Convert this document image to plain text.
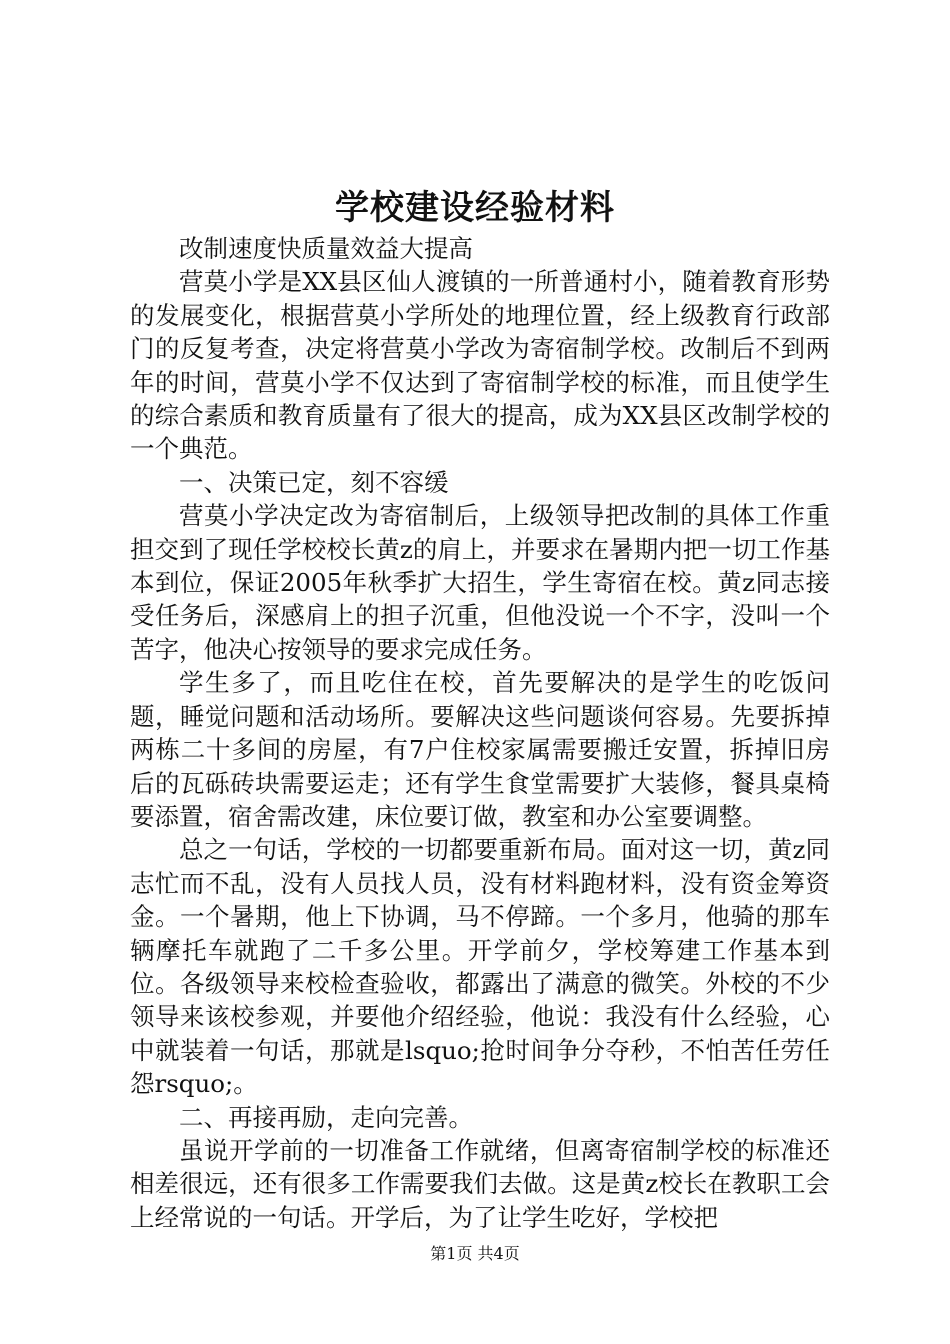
学校建设经验材料

改制速度快质量效益大提高

营莫小学是XX县区仙人渡镇的一所普通村小，随着教育形势的发展变化，根据营莫小学所处的地理位置，经上级教育行政部门的反复考查，决定将营莫小学改为寄宿制学校。改制后不到两年的时间，营莫小学不仅达到了寄宿制学校的标准，而且使学生的综合素质和教育质量有了很大的提高，成为XX县区改制学校的一个典范。

一、决策已定，刻不容缓

营莫小学决定改为寄宿制后，上级领导把改制的具体工作重担交到了现任学校校长黄z的肩上，并要求在暑期内把一切工作基本到位，保证2005年秋季扩大招生，学生寄宿在校。黄z同志接受任务后，深感肩上的担子沉重，但他没说一个不字，没叫一个苦字，他决心按领导的要求完成任务。

学生多了，而且吃住在校，首先要解决的是学生的吃饭问题，睡觉问题和活动场所。要解决这些问题谈何容易。先要拆掉两栋二十多间的房屋，有7户住校家属需要搬迁安置，拆掉旧房后的瓦砾砖块需要运走；还有学生食堂需要扩大装修，餐具桌椅要添置，宿舍需改建，床位要订做，教室和办公室要调整。

总之一句话，学校的一切都要重新布局。面对这一切，黄z同志忙而不乱，没有人员找人员，没有材料跑材料，没有资金筹资金。一个暑期，他上下协调，马不停蹄。一个多月，他骑的那车辆摩托车就跑了二千多公里。开学前夕，学校筹建工作基本到位。各级领导来校检查验收，都露出了满意的微笑。外校的不少领导来该校参观，并要他介绍经验，他说：我没有什么经验，心中就装着一句话，那就是lsquo;抢时间争分夺秒，不怕苦任劳任怨rsquo;。

二、再接再励，走向完善。

虽说开学前的一切准备工作就绪，但离寄宿制学校的标准还相差很远，还有很多工作需要我们去做。这是黄z校长在教职工会上经常说的一句话。开学后，为了让学生吃好，学校把

第1页 共4页
